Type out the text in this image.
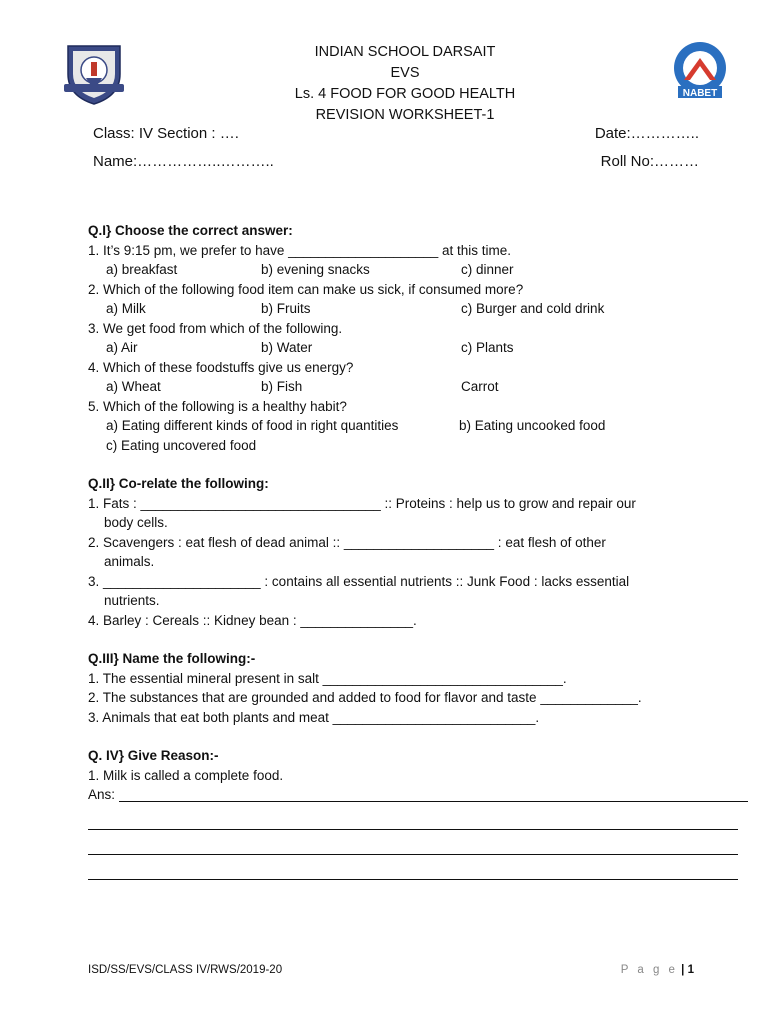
NABET
INDIAN SCHOOL DARSAIT
EVS
Ls. 4 FOOD FOR GOOD HEALTH
REVISION WORKSHEET-1
Class: IV Section : ….	Date:…………..
Name:……………..………..	Roll No:………
Q.I} Choose the correct answer:
1. It’s 9:15 pm, we prefer to have ____________________ at this time.
a) breakfast	b) evening snacks	c) dinner
2. Which of the following food item can make us sick, if consumed more?
a) Milk	b) Fruits	c) Burger and cold drink
3. We get food from which of the following.
a) Air	b) Water	c) Plants
4. Which of these foodstuffs give us energy?
a) Wheat	b) Fish	Carrot
5. Which of the following is a healthy habit?
a) Eating different kinds of food in right quantities	b) Eating uncooked food
c) Eating uncovered food
Q.II} Co-relate the following:
1. Fats : ________________________________ :: Proteins : help us to grow and repair our
body cells.
2. Scavengers : eat flesh of dead animal :: ____________________ : eat flesh of other
animals.
3. _____________________ : contains all essential nutrients :: Junk Food : lacks essential
nutrients.
4. Barley : Cereals :: Kidney bean : _______________.
Q.III} Name the following:-
1. The essential mineral present in salt ________________________________.
2. The substances that are grounded and added to food for flavor and taste _____________.
3. Animals that eat both plants and meat ___________________________.
Q. IV} Give Reason:-
1. Milk is called a complete food.
Ans:
ISD/SS/EVS/CLASS IV/RWS/2019-20	P a g e | 1
